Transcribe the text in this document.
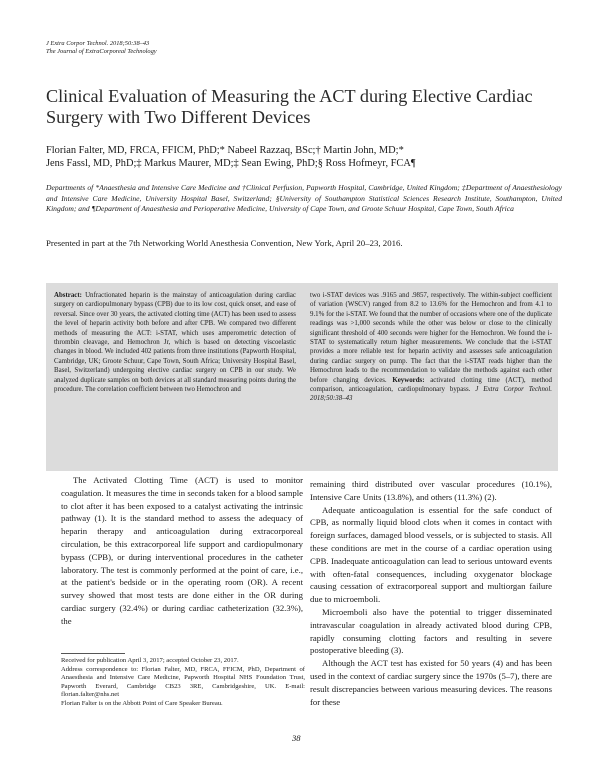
J Extra Corpor Technol. 2018;50:38–43
The Journal of ExtraCorporeal Technology
Clinical Evaluation of Measuring the ACT during Elective Cardiac Surgery with Two Different Devices
Florian Falter, MD, FRCA, FFICM, PhD;* Nabeel Razzaq, BSc;† Martin John, MD;*
Jens Fassl, MD, PhD;‡ Markus Maurer, MD;‡ Sean Ewing, PhD;§ Ross Hofmeyr, FCA¶
Departments of *Anaesthesia and Intensive Care Medicine and †Clinical Perfusion, Papworth Hospital, Cambridge, United Kingdom; ‡Department of Anaesthesiology and Intensive Care Medicine, University Hospital Basel, Switzerland; §University of Southampton Statistical Sciences Research Institute, Southampton, United Kingdom; and ¶Department of Anaesthesia and Perioperative Medicine, University of Cape Town, and Groote Schuur Hospital, Cape Town, South Africa
Presented in part at the 7th Networking World Anesthesia Convention, New York, April 20–23, 2016.
Abstract: Unfractionated heparin is the mainstay of anticoagulation during cardiac surgery on cardiopulmonary bypass (CPB) due to its low cost, quick onset, and ease of reversal. Since over 30 years, the activated clotting time (ACT) has been used to assess the level of heparin activity both before and after CPB. We compared two different methods of measuring the ACT: i-STAT, which uses amperometric detection of thrombin cleavage, and Hemochron Jr, which is based on detecting viscoelastic changes in blood. We included 402 patients from three institutions (Papworth Hospital, Cambridge, UK; Groote Schuur, Cape Town, South Africa; University Hospital Basel, Basel, Switzerland) undergoing elective cardiac surgery on CPB in our study. We analyzed duplicate samples on both devices at all standard measuring points during the procedure. The correlation coefficient between two Hemochron and
two i-STAT devices was .9165 and .9857, respectively. The within-subject coefficient of variation (WSCV) ranged from 8.2 to 13.6% for the Hemochron and from 4.1 to 9.1% for the i-STAT. We found that the number of occasions where one of the duplicate readings was >1,000 seconds while the other was below or close to the clinically significant threshold of 400 seconds were higher for the Hemochron. We found the i-STAT to systematically return higher measurements. We conclude that the i-STAT provides a more reliable test for heparin activity and assesses safe anticoagulation during cardiac surgery on pump. The fact that the i-STAT reads higher than the Hemochron leads to the recommendation to validate the methods against each other before changing devices. Keywords: activated clotting time (ACT), method comparison, anticoagulation, cardiopulmonary bypass. J Extra Corpor Technol. 2018;50:38–43

The Activated Clotting Time (ACT) is used to monitor coagulation. It measures the time in seconds taken for a blood sample to clot after it has been exposed to a catalyst activating the intrinsic pathway (1). It is the standard method to assess the adequacy of heparin therapy and anticoagulation during extracorporeal circulation, be this extracorporeal life support and cardiopulmonary bypass (CPB), or during interventional procedures in the catheter laboratory. The test is commonly performed at the point of care, i.e., at the patient's bedside or in the operating room (OR). A recent survey showed that most tests are done either in the OR during cardiac surgery (32.4%) or during cardiac catheterization (32.3%), the

remaining third distributed over vascular procedures (10.1%), Intensive Care Units (13.8%), and others (11.3%) (2).

Adequate anticoagulation is essential for the safe conduct of CPB, as normally liquid blood clots when it comes in contact with foreign surfaces, damaged blood vessels, or is subjected to stasis. All these conditions are met in the course of a cardiac operation using CPB. Inadequate anticoagulation can lead to serious untoward events with often-fatal consequences, including oxygenator blockage causing cessation of extracorporeal support and multiorgan failure due to microemboli.

Microemboli also have the potential to trigger disseminated intravascular coagulation in already activated blood during CPB, rapidly consuming clotting factors and resulting in severe postoperative bleeding (3).

Although the ACT test has existed for 50 years (4) and has been used in the context of cardiac surgery since the 1970s (5–7), there are result discrepancies between various measuring devices. The reasons for these

Received for publication April 3, 2017; accepted October 23, 2017.
Address correspondence to: Florian Falter, MD, FRCA, FFICM, PhD, Department of Anaesthesia and Intensive Care Medicine, Papworth Hospital NHS Foundation Trust, Papworth Everard, Cambridge CB23 3RE, Cambridgeshire, UK. E-mail: florian.falter@nhs.net
Florian Falter is on the Abbott Point of Care Speaker Bureau.
38
